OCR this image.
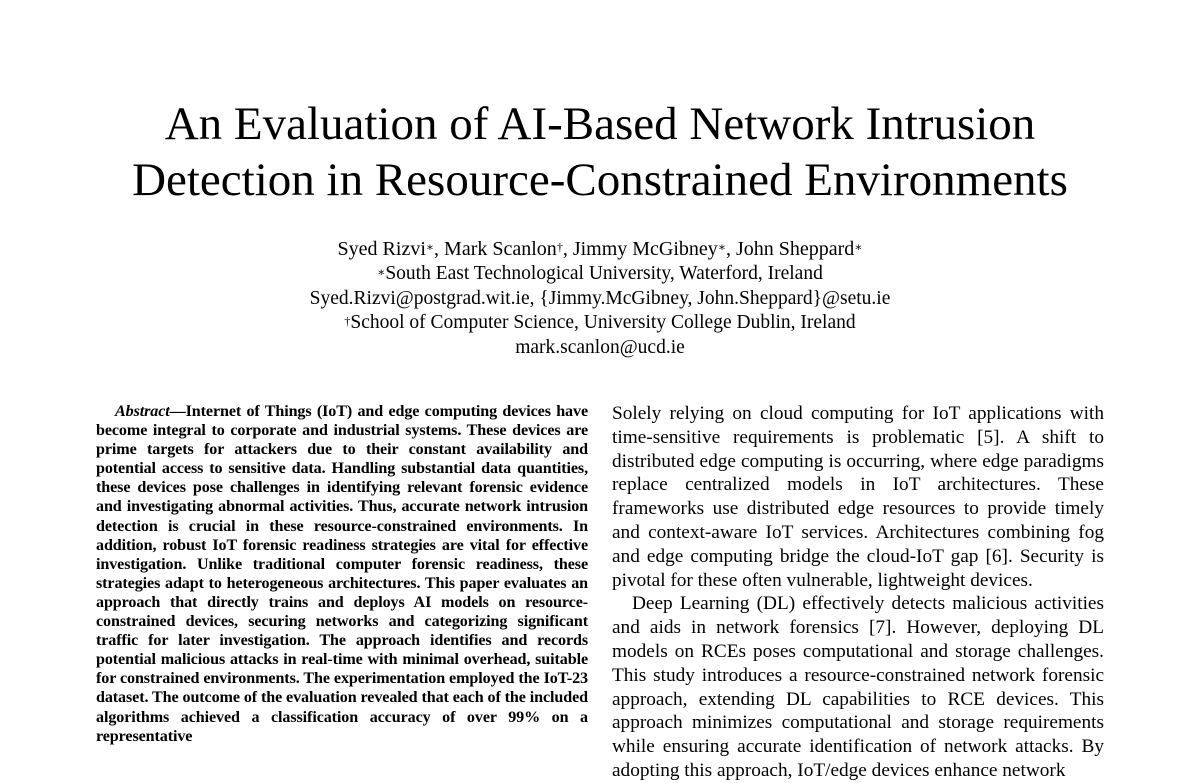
An Evaluation of AI-Based Network Intrusion
Detection in Resource-Constrained Environments
Syed Rizvi∗, Mark Scanlon†, Jimmy McGibney∗, John Sheppard∗
∗South East Technological University, Waterford, Ireland
Syed.Rizvi@postgrad.wit.ie, {Jimmy.McGibney, John.Sheppard}@setu.ie
†School of Computer Science, University College Dublin, Ireland
mark.scanlon@ucd.ie

Abstract—Internet of Things (IoT) and edge computing devices have become integral to corporate and industrial systems. These devices are prime targets for attackers due to their constant availability and potential access to sensitive data. Handling substantial data quantities, these devices pose challenges in identifying relevant forensic evidence and investigating abnormal activities. Thus, accurate network intrusion detection is crucial in these resource-constrained environments. In addition, robust IoT forensic readiness strategies are vital for effective investigation. Unlike traditional computer forensic readiness, these strategies adapt to heterogeneous architectures. This paper evaluates an approach that directly trains and deploys AI models on resource-constrained devices, securing networks and categorizing significant traffic for later investigation. The approach identifies and records potential malicious attacks in real-time with minimal overhead, suitable for constrained environments. The experimentation employed the IoT-23 dataset. The outcome of the evaluation revealed that each of the included algorithms achieved a classification accuracy of over 99% on a representative

Solely relying on cloud computing for IoT applications with time-sensitive requirements is problematic [5]. A shift to distributed edge computing is occurring, where edge paradigms replace centralized models in IoT architectures. These frameworks use distributed edge resources to provide timely and context-aware IoT services. Architectures combining fog and edge computing bridge the cloud-IoT gap [6]. Security is pivotal for these often vulnerable, lightweight devices.

Deep Learning (DL) effectively detects malicious activities and aids in network forensics [7]. However, deploying DL models on RCEs poses computational and storage challenges. This study introduces a resource-constrained network forensic approach, extending DL capabilities to RCE devices. This approach minimizes computational and storage requirements while ensuring accurate identification of network attacks. By adopting this approach, IoT/edge devices enhance network
